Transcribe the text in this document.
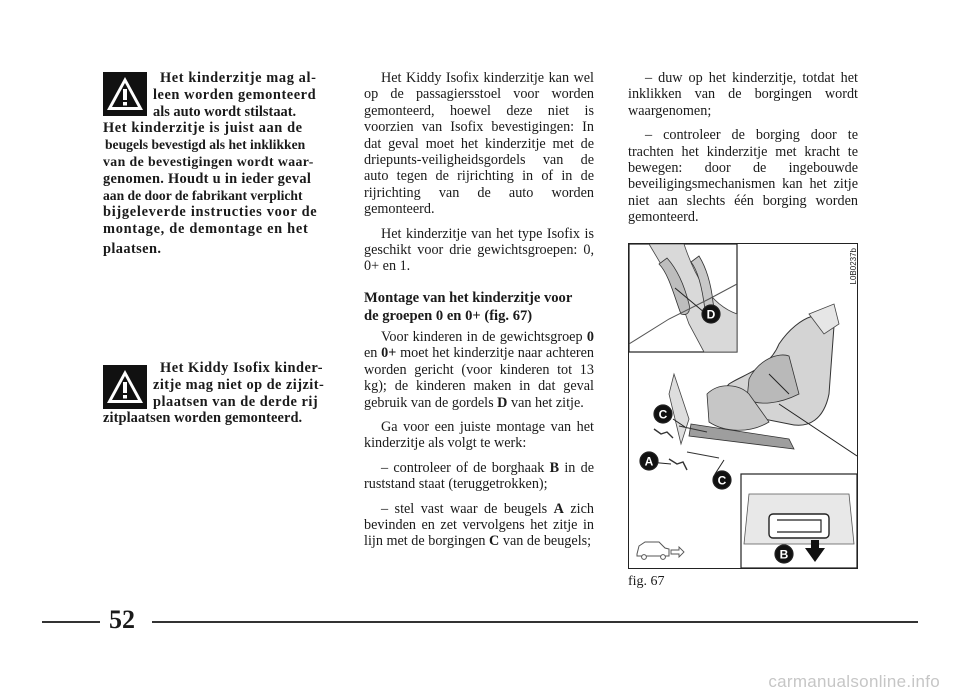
Het kinderzitje mag al-
leen worden gemonteerd
als auto wordt stilstaat.
Het kinderzitje is juist aan de
beugels bevestigd als het inklikken
van de bevestigingen wordt waar-
genomen. Houdt u in ieder geval
aan de door de fabrikant verplicht
bijgeleverde instructies voor de
montage, de demontage en het
plaatsen.
Het Kiddy Isofix kinder-
zitje mag niet op de zijzit-
plaatsen van de derde rij
zitplaatsen worden gemonteerd.

Het Kiddy Isofix kinderzitje kan wel op de passagiersstoel voor worden gemonteerd, hoewel deze niet is voorzien van Isofix bevestigingen: In dat geval moet het kinderzitje met de driepunts-veiligheidsgordels van de auto tegen de rijrichting in of in de rijrichting van de auto worden gemonteerd.

Het kinderzitje van het type Isofix is geschikt voor drie gewichtsgroepen: 0, 0+ en 1.

Montage van het kinderzitje voor
de groepen 0 en 0+ (fig. 67)

Voor kinderen in de gewichtsgroep 0 en 0+ moet het kinderzitje naar achteren worden gericht (voor kinderen tot 13 kg); de kinderen maken in dat geval gebruik van de gordels D van het zitje.

Ga voor een juiste montage van het kinderzitje als volgt te werk:

– controleer of de borghaak B in de ruststand staat (teruggetrokken);

– stel vast waar de beugels A zich bevinden en zet vervolgens het zitje in lijn met de borgingen C van de beugels;

– duw op het kinderzitje, totdat het inklikken van de borgingen wordt waargenomen;

– controleer de borging door te trachten het kinderzitje met kracht te bewegen: door de ingebouwde beveiligingsmechanismen kan het zitje niet aan slechts één borging worden gemonteerd.

D
C
A
C
B
L0B0237b
fig. 67
52
carmanualsonline.info
